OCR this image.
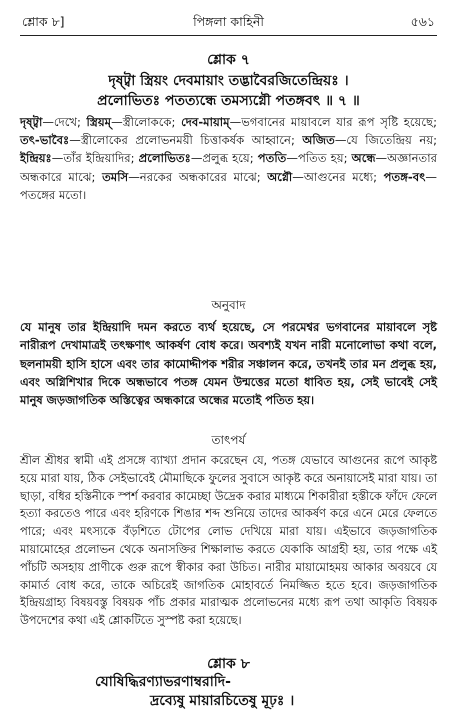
শ্লোক ৮]	পিঙ্গলা কাহিনী	৫৬১
শ্লোক ৭
দৃষ্ট্বা স্ত্রিয়ং দেবমায়াং তদ্ভাবৈরজিতেন্দ্রিয়ঃ ।
প্রলোভিতঃ পতত্যন্ধে তমস্যগ্নৌ পতঙ্গবৎ ॥ ৭ ॥
দৃষ্ট্বা—দেখে; স্ত্রিয়ম্—স্ত্রীলোককে; দেব-মায়াম্—ভগবানের মায়াবলে যার রূপ সৃষ্টি হয়েছে; তৎ-ভাবৈঃ—স্ত্রীলোকের প্রলোভনময়ী চিত্তাকর্ষক আহ্বানে; অজিত—যে জিতেন্দ্রিয় নয়; ইন্দ্রিয়ঃ—তাঁর ইন্দ্রিয়াদির; প্রলোভিতঃ—প্রলুব্ধ হয়ে; পততি—পতিত হয়; অন্ধে—অজ্ঞানতার অন্ধকারে মাঝে; তমসি—নরকের অন্ধকারের মাঝে; অগ্নৌ—আগুনের মধ্যে; পতঙ্গ-বৎ—পতঙ্গের মতো।
অনুবাদ
যে মানুষ তার ইন্দ্রিয়াদি দমন করতে ব্যর্থ হয়েছে, সে পরমেশ্বর ভগবানের মায়াবলে সৃষ্ট নারীরূপ দেখামাত্রই তৎক্ষণাৎ আকর্ষণ বোধ করে। অবশ্যই যখন নারী মনোলোভা কথা বলে, ছলনাময়ী হাসি হাসে এবং তার কামোদ্দীপক শরীর সঞ্চালন করে, তখনই তার মন প্রলুব্ধ হয়, এবং অগ্নিশিখার দিকে অন্ধভাবে পতঙ্গ যেমন উন্মত্তের মতো ধাবিত হয়, সেই ভাবেই সেই মানুষ জড়জাগতিক অস্তিত্বের অন্ধকারে অন্ধের মতোই পতিত হয়।
তাৎপর্য
শ্রীল শ্রীধর স্বামী এই প্রসঙ্গে ব্যাখ্যা প্রদান করেছেন যে, পতঙ্গ যেভাবে আগুনের রূপে আকৃষ্ট হয়ে মারা যায়, ঠিক সেইভাবেই মৌমাছিকে ফুলের সুবাসে আকৃষ্ট করে অনায়াসেই মারা যায়। তা ছাড়া, বধির হস্তিনীকে স্পর্শ করবার কামেচ্ছা উদ্রেক করার মাধ্যমে শিকারীরা হস্তীকে ফাঁদে ফেলে হত্যা করতেও পারে এবং হরিণকে শিঙার শব্দ শুনিয়ে তাদের আকর্ষণ করে এনে মেরে ফেলতে পারে; এবং মৎস্যকে বঁড়শিতে টোপের লোভ দেখিয়ে মারা যায়। এইভাবে জড়জাগতিক মায়ামোহের প্রলোভন থেকে অনাসক্তির শিক্ষালাভ করতে যেকাকি আগ্রহী হয়, তার পক্ষে এই পাঁচটি অসহায় প্রাণীকে গুরু রূপে স্বীকার করা উচিত। নারীর মায়ামোহময় আকার অবয়বে যে কামার্ত বোধ করে, তাকে অচিরেই জাগতিক মোহাবর্তে নিমজ্জিত হতে হবে। জড়জাগতিক ইন্দ্রিয়গ্রাহ্য বিষয়বস্তু বিষয়ক পাঁচ প্রকার মারাত্মক প্রলোভনের মধ্যে রূপ তথা আকৃতি বিষয়ক উপদেশের কথা এই শ্লোকটিতে সুস্পষ্ট করা হয়েছে।
শ্লোক ৮
যোষিদ্ধিরণ্যাভরণাম্বরাদি-
দ্রব্যেষু মায়ারচিতেষু মূঢ়ঃ ।
